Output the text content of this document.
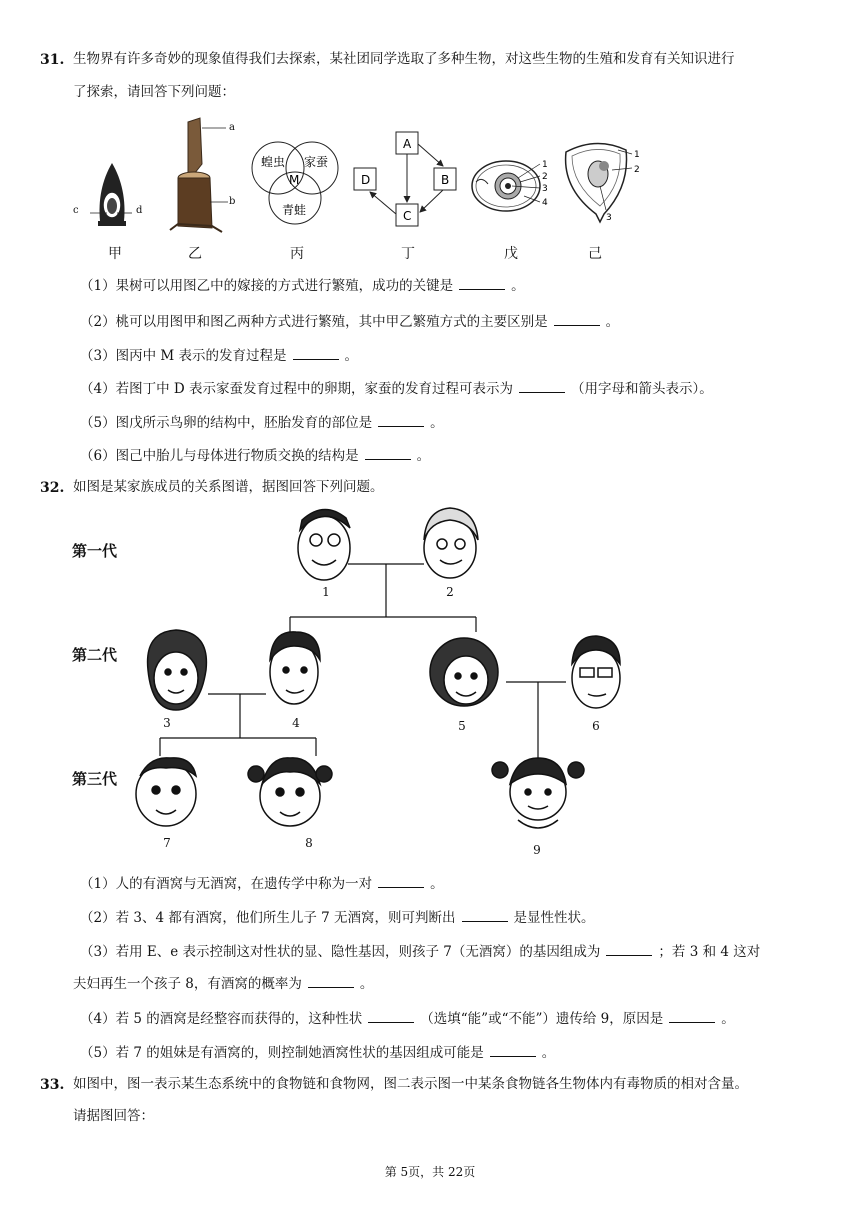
31. 生物界有许多奇妙的现象值得我们去探索，某社团同学选取了多种生物，对这些生物的生殖和发育有关知识进行
了探索，请回答下列问题：
c	d
a
b
蝗虫 家蚕
M
青蛙
A
B
C
D
1
2
3
4
1
2
3
甲	乙	丙	丁	戊	己
（1）果树可以用图乙中的嫁接的方式进行繁殖，成功的关键是	。
（2）桃可以用图甲和图乙两种方式进行繁殖，其中甲乙繁殖方式的主要区别是	。
（3）图丙中 M 表示的发育过程是	。
（4）若图丁中 D 表示家蚕发育过程中的卵期，家蚕的发育过程可表示为	（用字母和箭头表示）。
（5）图戊所示鸟卵的结构中，胚胎发育的部位是	。
（6）图己中胎儿与母体进行物质交换的结构是	。
32. 如图是某家族成员的关系图谱，据图回答下列问题。
第一代
第二代
第三代
1	2
3	4	5	6
7	8	9
（1）人的有酒窝与无酒窝，在遗传学中称为一对	。
（2）若 3、4 都有酒窝，他们所生儿子 7 无酒窝，则可判断出	是显性性状。
（3）若用 E、e 表示控制这对性状的显、隐性基因，则孩子 7（无酒窝）的基因组成为	；若 3 和 4 这对
夫妇再生一个孩子 8，有酒窝的概率为	。
（4）若 5 的酒窝是经整容而获得的，这种性状	（选填“能”或“不能”）遗传给 9，原因是	。
（5）若 7 的姐妹是有酒窝的，则控制她酒窝性状的基因组成可能是	。
33. 如图中，图一表示某生态系统中的食物链和食物网，图二表示图一中某条食物链各生物体内有毒物质的相对含量。
请据图回答：
第 5页，共 22页
